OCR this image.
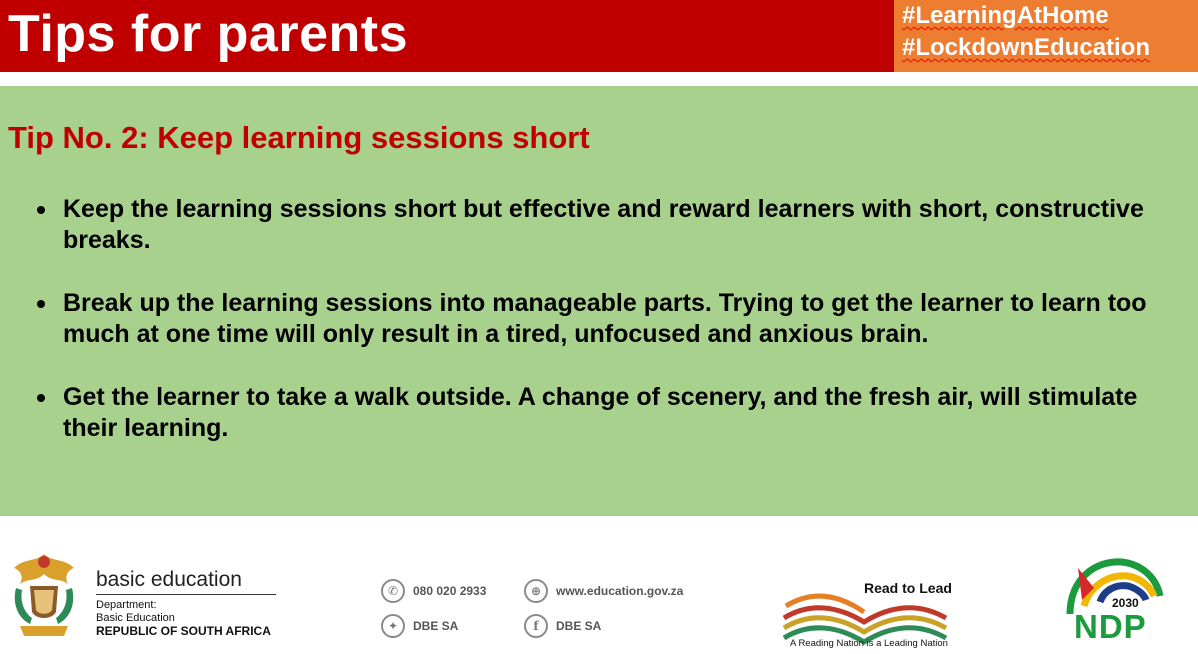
Tips for parents	#LearningAtHome
#LockdownEducation
Tip No. 2: Keep learning sessions short
Keep the learning sessions short but effective and reward learners with short, constructive breaks.
Break up the learning sessions into manageable parts. Trying to get the learner to learn too much at one time will only result in a tired, unfocused and anxious brain.
Get the learner to take a walk outside. A change of scenery, and the fresh air, will stimulate their learning.
basic education
Department:
Basic Education
REPUBLIC OF SOUTH AFRICA
✆	080 020 2933	⊕	www.education.gov.za
✦	DBE SA	f	DBE SA
Read to Lead
A Reading Nation is a Leading Nation
2030
NDP
